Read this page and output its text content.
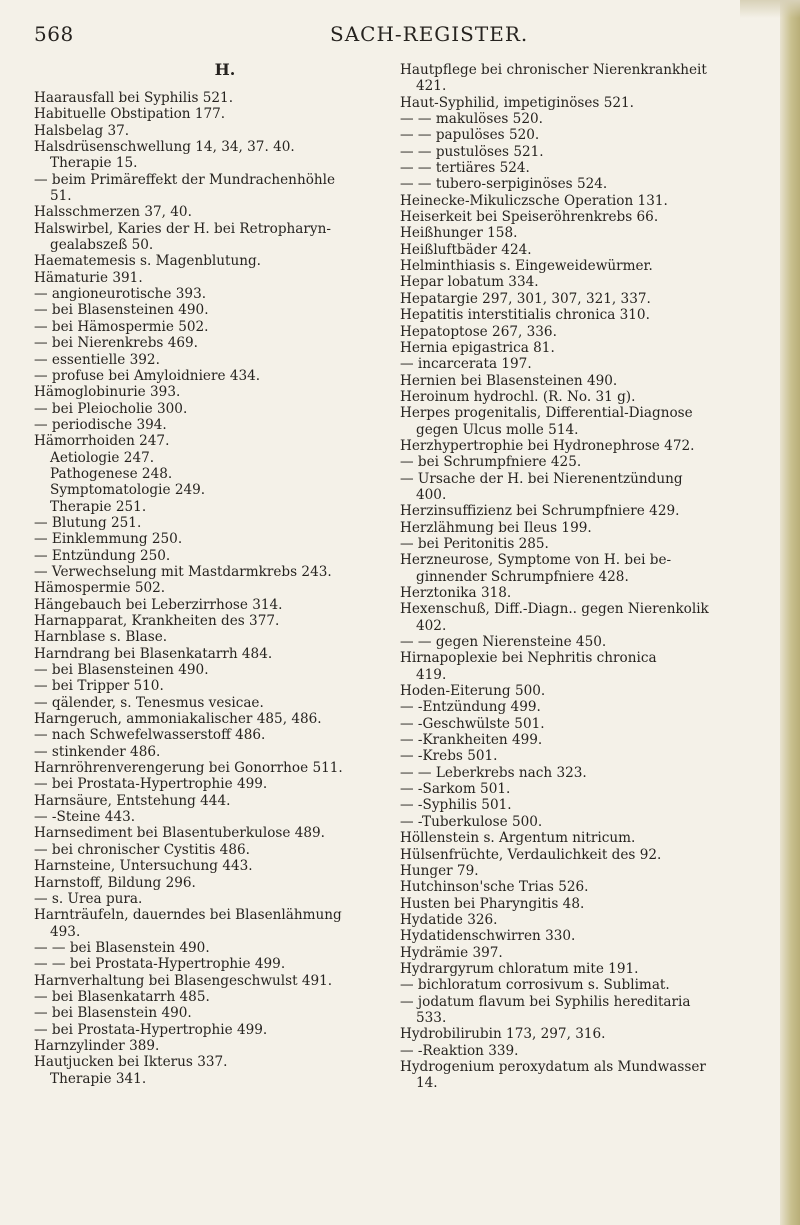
568	SACH-REGISTER.
H.
Haarausfall bei Syphilis 521.
Habituelle Obstipation 177.
Halsbelag 37.
Halsdrüsenschwellung 14, 34, 37. 40.
Therapie 15.
— beim Primäreffekt der Mundrachenhöhle
51.
Halsschmerzen 37, 40.
Halswirbel, Karies der H. bei Retropharyn-
gealabszeß 50.
Haematemesis s. Magenblutung.
Hämaturie 391.
— angioneurotische 393.
— bei Blasensteinen 490.
— bei Hämospermie 502.
— bei Nierenkrebs 469.
— essentielle 392.
— profuse bei Amyloidniere 434.
Hämoglobinurie 393.
— bei Pleiocholie 300.
— periodische 394.
Hämorrhoiden 247.
Aetiologie 247.
Pathogenese 248.
Symptomatologie 249.
Therapie 251.
— Blutung 251.
— Einklemmung 250.
— Entzündung 250.
— Verwechselung mit Mastdarmkrebs 243.
Hämospermie 502.
Hängebauch bei Leberzirrhose 314.
Harnapparat, Krankheiten des 377.
Harnblase s. Blase.
Harndrang bei Blasenkatarrh 484.
— bei Blasensteinen 490.
— bei Tripper 510.
— qälender, s. Tenesmus vesicae.
Harngeruch, ammoniakalischer 485, 486.
— nach Schwefelwasserstoff 486.
— stinkender 486.
Harnröhrenverengerung bei Gonorrhoe 511.
— bei Prostata-Hypertrophie 499.
Harnsäure, Entstehung 444.
— -Steine 443.
Harnsediment bei Blasentuberkulose 489.
— bei chronischer Cystitis 486.
Harnsteine, Untersuchung 443.
Harnstoff, Bildung 296.
— s. Urea pura.
Harnträufeln, dauerndes bei Blasenlähmung
493.
— — bei Blasenstein 490.
— — bei Prostata-Hypertrophie 499.
Harnverhaltung bei Blasengeschwulst 491.
— bei Blasenkatarrh 485.
— bei Blasenstein 490.
— bei Prostata-Hypertrophie 499.
Harnzylinder 389.
Hautjucken bei Ikterus 337.
Therapie 341.
Hautpflege bei chronischer Nierenkrankheit
421.
Haut-Syphilid, impetiginöses 521.
— — makulöses 520.
— — papulöses 520.
— — pustulöses 521.
— — tertiäres 524.
— — tubero-serpiginöses 524.
Heinecke-Mikuliczsche Operation 131.
Heiserkeit bei Speiseröhrenkrebs 66.
Heißhunger 158.
Heißluftbäder 424.
Helminthiasis s. Eingeweidewürmer.
Hepar lobatum 334.
Hepatargie 297, 301, 307, 321, 337.
Hepatitis interstitialis chronica 310.
Hepatoptose 267, 336.
Hernia epigastrica 81.
— incarcerata 197.
Hernien bei Blasensteinen 490.
Heroinum hydrochl. (R. No. 31 g).
Herpes progenitalis, Differential-Diagnose
gegen Ulcus molle 514.
Herzhypertrophie bei Hydronephrose 472.
— bei Schrumpfniere 425.
— Ursache der H. bei Nierenentzündung
400.
Herzinsuffizienz bei Schrumpfniere 429.
Herzlähmung bei Ileus 199.
— bei Peritonitis 285.
Herzneurose, Symptome von H. bei be-
ginnender Schrumpfniere 428.
Herztonika 318.
Hexenschuß, Diff.-Diagn.. gegen Nierenkolik
402.
— — gegen Nierensteine 450.
Hirnapoplexie bei Nephritis chronica
419.
Hoden-Eiterung 500.
— -Entzündung 499.
— -Geschwülste 501.
— -Krankheiten 499.
— -Krebs 501.
— — Leberkrebs nach 323.
— -Sarkom 501.
— -Syphilis 501.
— -Tuberkulose 500.
Höllenstein s. Argentum nitricum.
Hülsenfrüchte, Verdaulichkeit des 92.
Hunger 79.
Hutchinson'sche Trias 526.
Husten bei Pharyngitis 48.
Hydatide 326.
Hydatidenschwirren 330.
Hydrämie 397.
Hydrargyrum chloratum mite 191.
— bichloratum corrosivum s. Sublimat.
— jodatum flavum bei Syphilis hereditaria
533.
Hydrobilirubin 173, 297, 316.
— -Reaktion 339.
Hydrogenium peroxydatum als Mundwasser
14.
